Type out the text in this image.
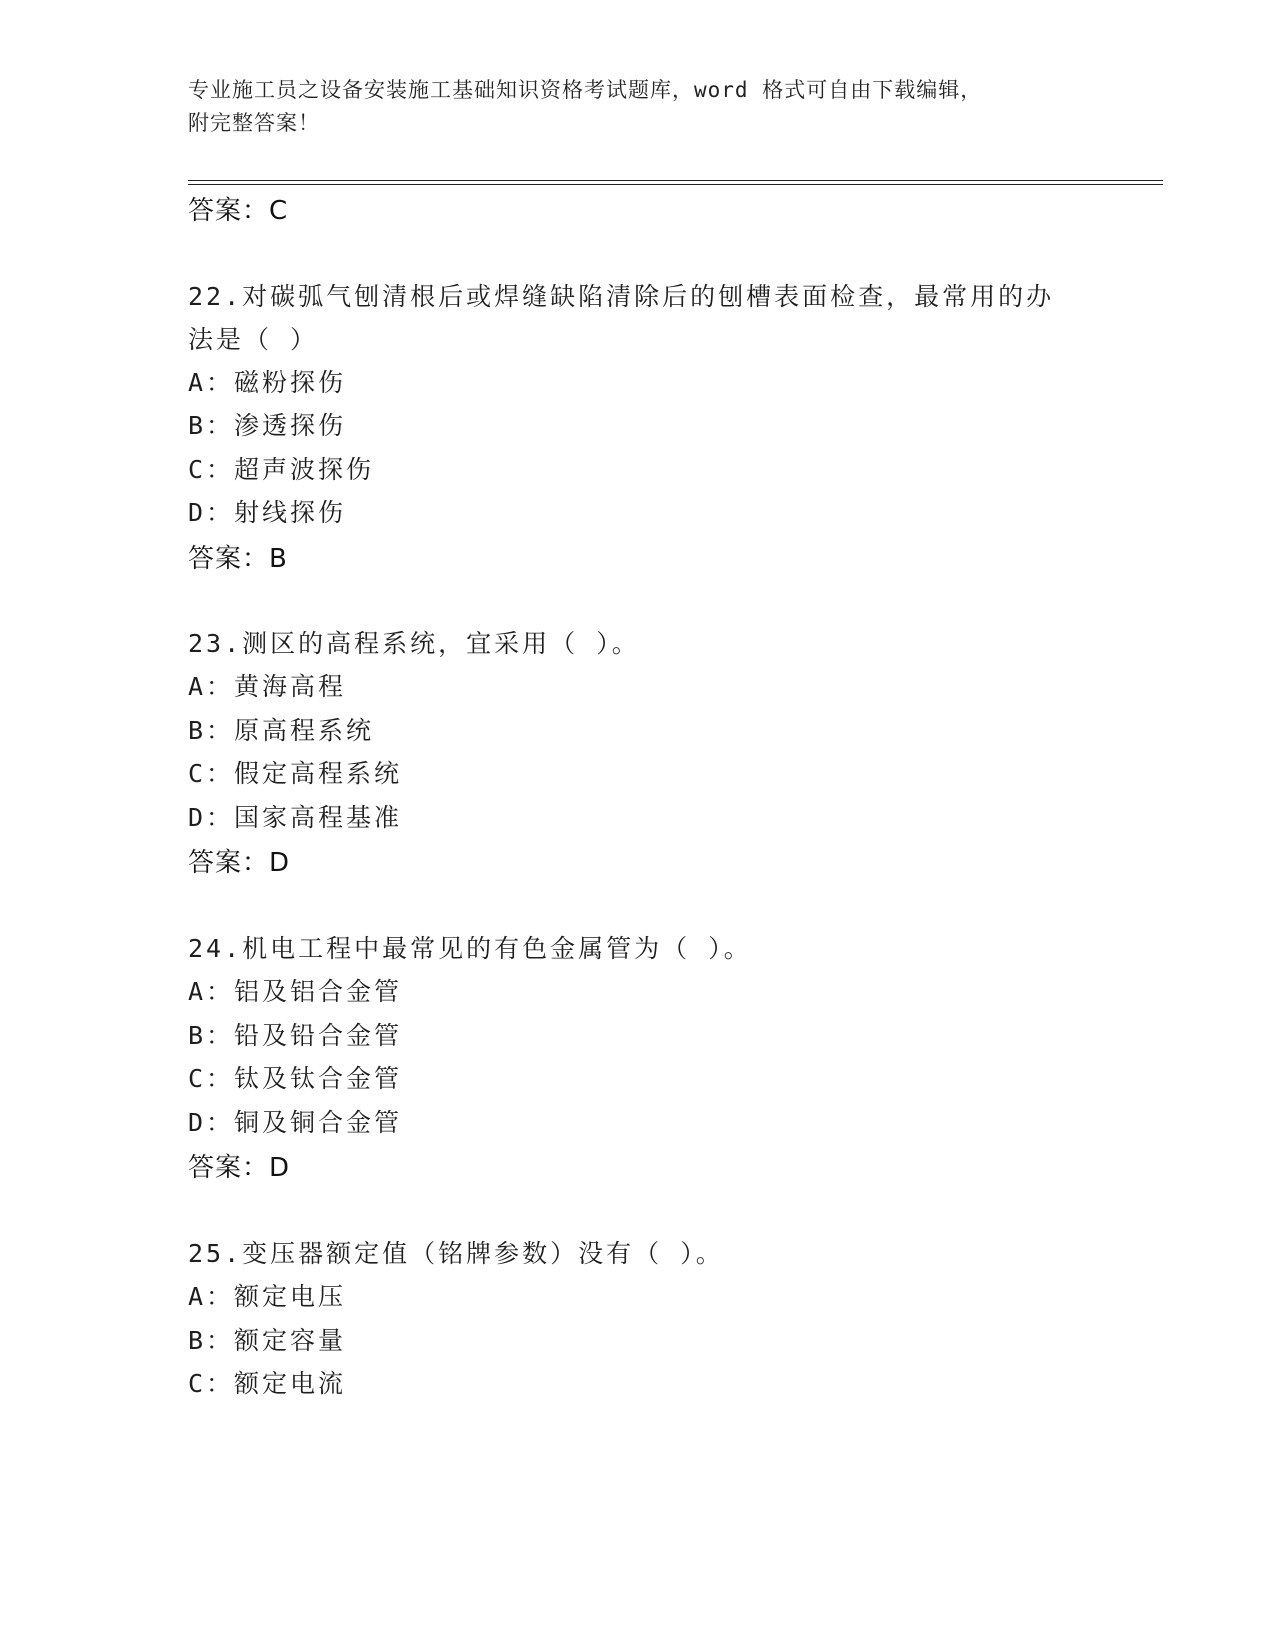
专业施工员之设备安装施工基础知识资格考试题库，word 格式可自由下载编辑，
附完整答案！
答案：C
22.对碳弧气刨清根后或焊缝缺陷清除后的刨槽表面检查，最常用的办
法是（ ）
A：磁粉探伤
B：渗透探伤
C：超声波探伤
D：射线探伤
答案：B
23.测区的高程系统，宜采用（ ）。
A：黄海高程
B：原高程系统
C：假定高程系统
D：国家高程基准
答案：D
24.机电工程中最常见的有色金属管为（ ）。
A：铝及铝合金管
B：铅及铅合金管
C：钛及钛合金管
D：铜及铜合金管
答案：D
25.变压器额定值（铭牌参数）没有（ ）。
A：额定电压
B：额定容量
C：额定电流
